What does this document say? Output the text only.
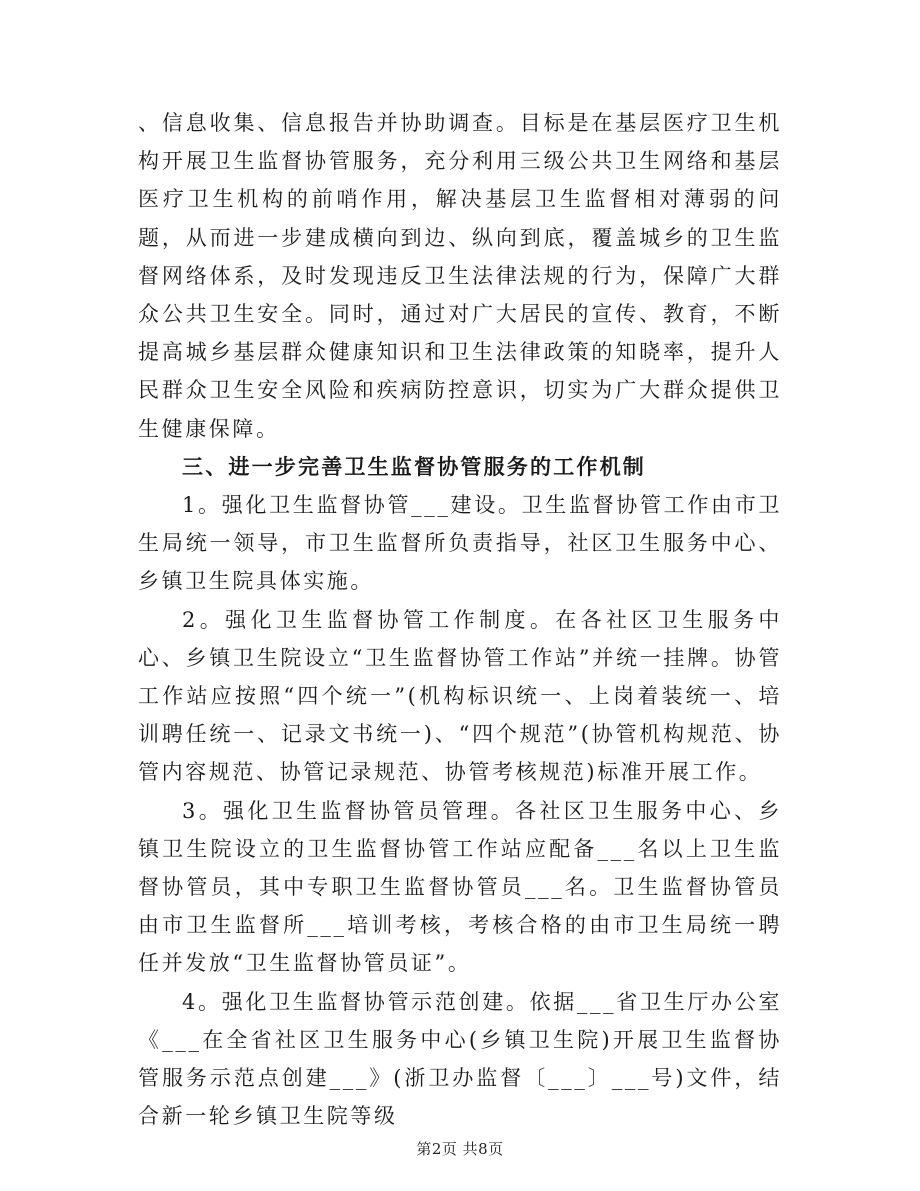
、信息收集、信息报告并协助调查。目标是在基层医疗卫生机构开展卫生监督协管服务，充分利用三级公共卫生网络和基层医疗卫生机构的前哨作用，解决基层卫生监督相对薄弱的问题，从而进一步建成横向到边、纵向到底，覆盖城乡的卫生监督网络体系，及时发现违反卫生法律法规的行为，保障广大群众公共卫生安全。同时，通过对广大居民的宣传、教育，不断提高城乡基层群众健康知识和卫生法律政策的知晓率，提升人民群众卫生安全风险和疾病防控意识，切实为广大群众提供卫生健康保障。

三、进一步完善卫生监督协管服务的工作机制

1。强化卫生监督协管___建设。卫生监督协管工作由市卫生局统一领导，市卫生监督所负责指导，社区卫生服务中心、乡镇卫生院具体实施。

2。强化卫生监督协管工作制度。在各社区卫生服务中心、乡镇卫生院设立“卫生监督协管工作站”并统一挂牌。协管工作站应按照“四个统一”(机构标识统一、上岗着装统一、培训聘任统一、记录文书统一)、“四个规范”(协管机构规范、协管内容规范、协管记录规范、协管考核规范)标准开展工作。

3。强化卫生监督协管员管理。各社区卫生服务中心、乡镇卫生院设立的卫生监督协管工作站应配备___名以上卫生监督协管员，其中专职卫生监督协管员___名。卫生监督协管员由市卫生监督所___培训考核，考核合格的由市卫生局统一聘任并发放“卫生监督协管员证”。

4。强化卫生监督协管示范创建。依据___省卫生厅办公室《___在全省社区卫生服务中心(乡镇卫生院)开展卫生监督协管服务示范点创建___》(浙卫办监督〔___〕___号)文件，结合新一轮乡镇卫生院等级

第2页 共8页
